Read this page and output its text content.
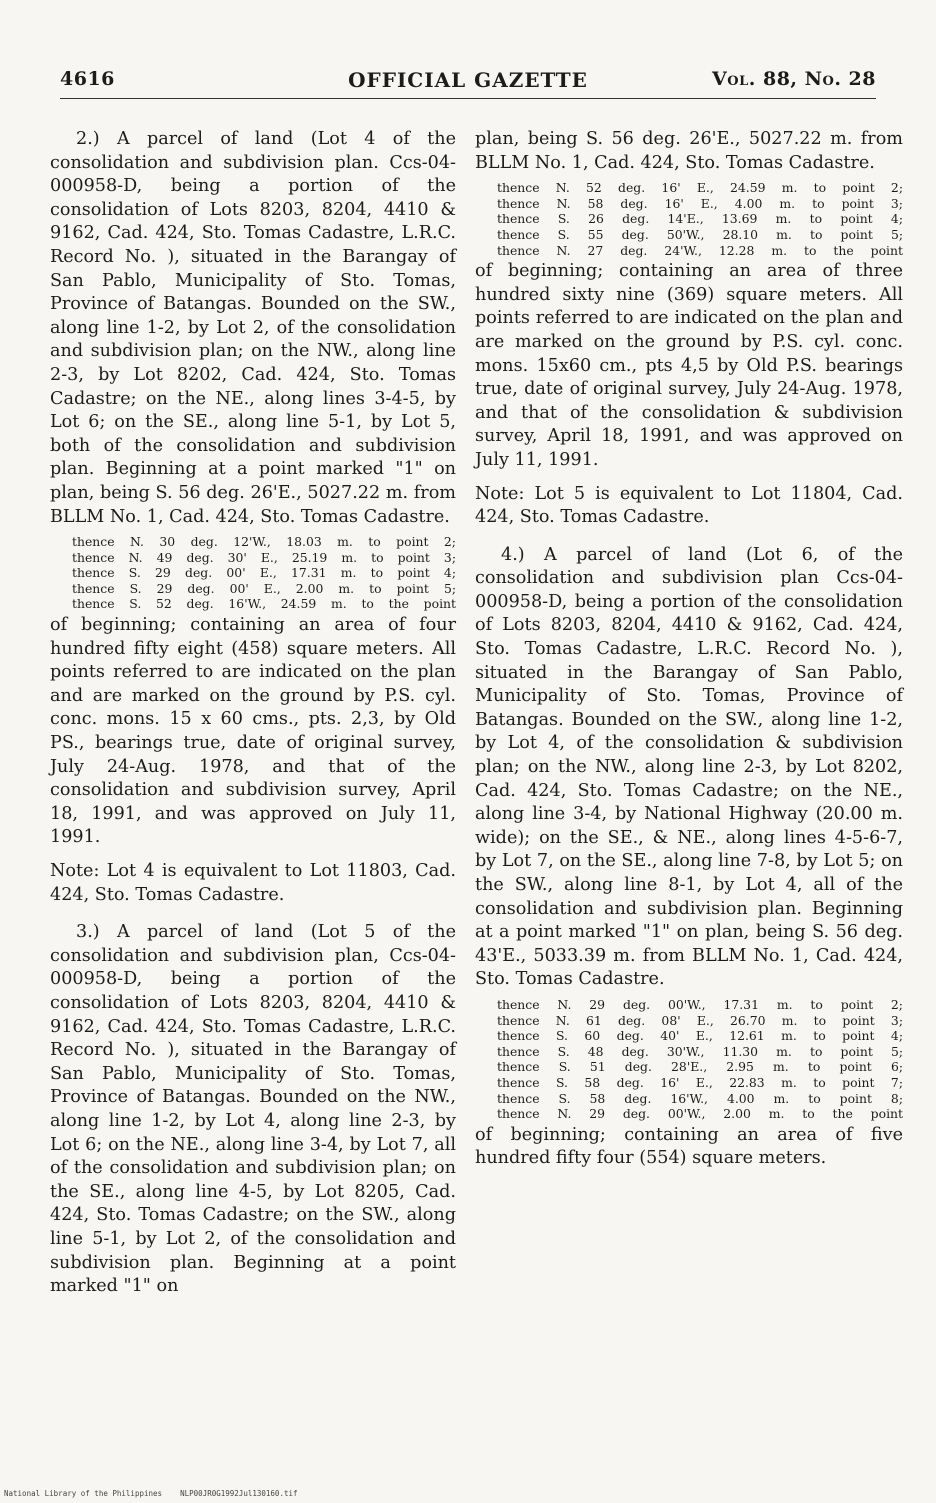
4616	OFFICIAL GAZETTE	Vol. 88, No. 28

2.) A parcel of land (Lot 4 of the consolidation and subdivision plan. Ccs-04-000958-D, being a portion of the consolidation of Lots 8203, 8204, 4410 & 9162, Cad. 424, Sto. Tomas Cadastre, L.R.C. Record No. ), situated in the Barangay of San Pablo, Municipality of Sto. Tomas, Province of Batangas. Bounded on the SW., along line 1-2, by Lot 2, of the consolidation and subdivision plan; on the NW., along line 2-3, by Lot 8202, Cad. 424, Sto. Tomas Cadastre; on the NE., along lines 3-4-5, by Lot 6; on the SE., along line 5-1, by Lot 5, both of the consolidation and subdivision plan. Beginning at a point marked "1" on plan, being S. 56 deg. 26'E., 5027.22 m. from BLLM No. 1, Cad. 424, Sto. Tomas Cadastre.

thence N. 30 deg. 12'W., 18.03 m. to point 2;
thence N. 49 deg. 30' E., 25.19 m. to point 3;
thence S. 29 deg. 00' E., 17.31 m. to point 4;
thence S. 29 deg. 00' E., 2.00 m. to point 5;
thence S. 52 deg. 16'W., 24.59 m. to the point

of beginning; containing an area of four hundred fifty eight (458) square meters. All points referred to are indicated on the plan and are marked on the ground by P.S. cyl. conc. mons. 15 x 60 cms., pts. 2,3, by Old PS., bearings true, date of original survey, July 24-Aug. 1978, and that of the consolidation and subdivision survey, April 18, 1991, and was approved on July 11, 1991.

Note: Lot 4 is equivalent to Lot 11803, Cad. 424, Sto. Tomas Cadastre.

3.) A parcel of land (Lot 5 of the consolidation and subdivision plan, Ccs-04-000958-D, being a portion of the consolidation of Lots 8203, 8204, 4410 & 9162, Cad. 424, Sto. Tomas Cadastre, L.R.C. Record No. ), situated in the Barangay of San Pablo, Municipality of Sto. Tomas, Province of Batangas. Bounded on the NW., along line 1-2, by Lot 4, along line 2-3, by Lot 6; on the NE., along line 3-4, by Lot 7, all of the consolidation and subdivision plan; on the SE., along line 4-5, by Lot 8205, Cad. 424, Sto. Tomas Cadastre; on the SW., along line 5-1, by Lot 2, of the consolidation and subdivision plan. Beginning at a point marked "1" on

plan, being S. 56 deg. 26'E., 5027.22 m. from BLLM No. 1, Cad. 424, Sto. Tomas Cadastre.

thence N. 52 deg. 16' E., 24.59 m. to point 2;
thence N. 58 deg. 16' E., 4.00 m. to point 3;
thence S. 26 deg. 14'E., 13.69 m. to point 4;
thence S. 55 deg. 50'W., 28.10 m. to point 5;
thence N. 27 deg. 24'W., 12.28 m. to the point

of beginning; containing an area of three hundred sixty nine (369) square meters. All points referred to are indicated on the plan and are marked on the ground by P.S. cyl. conc. mons. 15x60 cm., pts 4,5 by Old P.S. bearings true, date of original survey, July 24-Aug. 1978, and that of the consolidation & subdivision survey, April 18, 1991, and was approved on July 11, 1991.

Note: Lot 5 is equivalent to Lot 11804, Cad. 424, Sto. Tomas Cadastre.

4.) A parcel of land (Lot 6, of the consolidation and subdivision plan Ccs-04-000958-D, being a portion of the consolidation of Lots 8203, 8204, 4410 & 9162, Cad. 424, Sto. Tomas Cadastre, L.R.C. Record No. ), situated in the Barangay of San Pablo, Municipality of Sto. Tomas, Province of Batangas. Bounded on the SW., along line 1-2, by Lot 4, of the consolidation & subdivision plan; on the NW., along line 2-3, by Lot 8202, Cad. 424, Sto. Tomas Cadastre; on the NE., along line 3-4, by National Highway (20.00 m. wide); on the SE., & NE., along lines 4-5-6-7, by Lot 7, on the SE., along line 7-8, by Lot 5; on the SW., along line 8-1, by Lot 4, all of the consolidation and subdivision plan. Beginning at a point marked "1" on plan, being S. 56 deg. 43'E., 5033.39 m. from BLLM No. 1, Cad. 424, Sto. Tomas Cadastre.

thence N. 29 deg. 00'W., 17.31 m. to point 2;
thence N. 61 deg. 08' E., 26.70 m. to point 3;
thence S. 60 deg. 40' E., 12.61 m. to point 4;
thence S. 48 deg. 30'W., 11.30 m. to point 5;
thence S. 51 deg. 28'E., 2.95 m. to point 6;
thence S. 58 deg. 16' E., 22.83 m. to point 7;
thence S. 58 deg. 16'W., 4.00 m. to point 8;
thence N. 29 deg. 00'W., 2.00 m. to the point

of beginning; containing an area of five hundred fifty four (554) square meters.

National Library of the Philippines    NLP00JR0G1992Jul130160.tif
